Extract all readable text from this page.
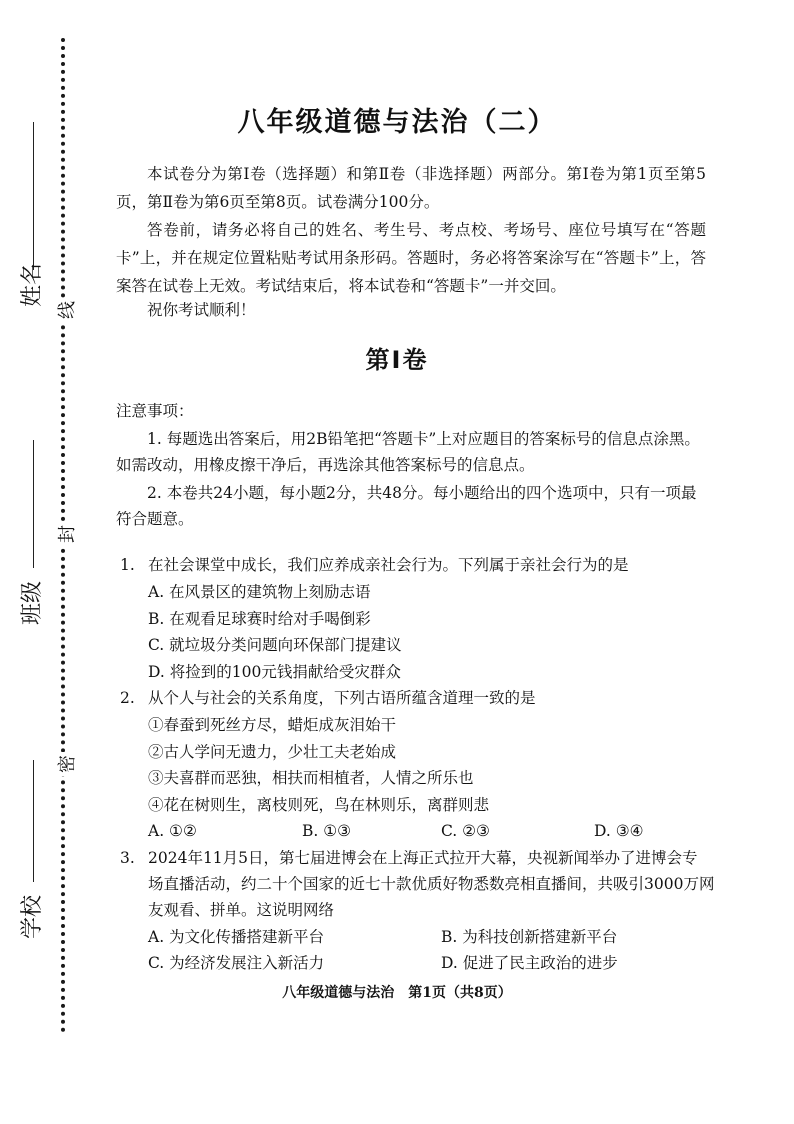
姓名
班级
学校
线
封
密
八年级道德与法治（二）
本试卷分为第Ⅰ卷（选择题）和第Ⅱ卷（非选择题）两部分。第Ⅰ卷为第1页至第5页，第Ⅱ卷为第6页至第8页。试卷满分100分。
答卷前，请务必将自己的姓名、考生号、考点校、考场号、座位号填写在“答题卡”上，并在规定位置粘贴考试用条形码。答题时，务必将答案涂写在“答题卡”上，答案答在试卷上无效。考试结束后，将本试卷和“答题卡”一并交回。
祝你考试顺利！
第Ⅰ卷
注意事项：
1. 每题选出答案后，用2B铅笔把“答题卡”上对应题目的答案标号的信息点涂黑。
如需改动，用橡皮擦干净后，再选涂其他答案标号的信息点。
2. 本卷共24小题，每小题2分，共48分。每小题给出的四个选项中，只有一项最
符合题意。
1. 在社会课堂中成长，我们应养成亲社会行为。下列属于亲社会行为的是
A. 在风景区的建筑物上刻励志语
B. 在观看足球赛时给对手喝倒彩
C. 就垃圾分类问题向环保部门提建议
D. 将捡到的100元钱捐献给受灾群众
2. 从个人与社会的关系角度，下列古语所蕴含道理一致的是
①春蚕到死丝方尽，蜡炬成灰泪始干
②古人学问无遗力，少壮工夫老始成
③夫喜群而恶独，相扶而相植者，人情之所乐也
④花在树则生，离枝则死，鸟在林则乐，离群则悲
A. ①②	B. ①③	C. ②③	D. ③④
3. 2024年11月5日，第七届进博会在上海正式拉开大幕，央视新闻举办了进博会专
场直播活动，约二十个国家的近七十款优质好物悉数亮相直播间，共吸引3000万网
友观看、拼单。这说明网络
A. 为文化传播搭建新平台	B. 为科技创新搭建新平台
C. 为经济发展注入新活力	D. 促进了民主政治的进步
八年级道德与法治　第1页（共8页）
